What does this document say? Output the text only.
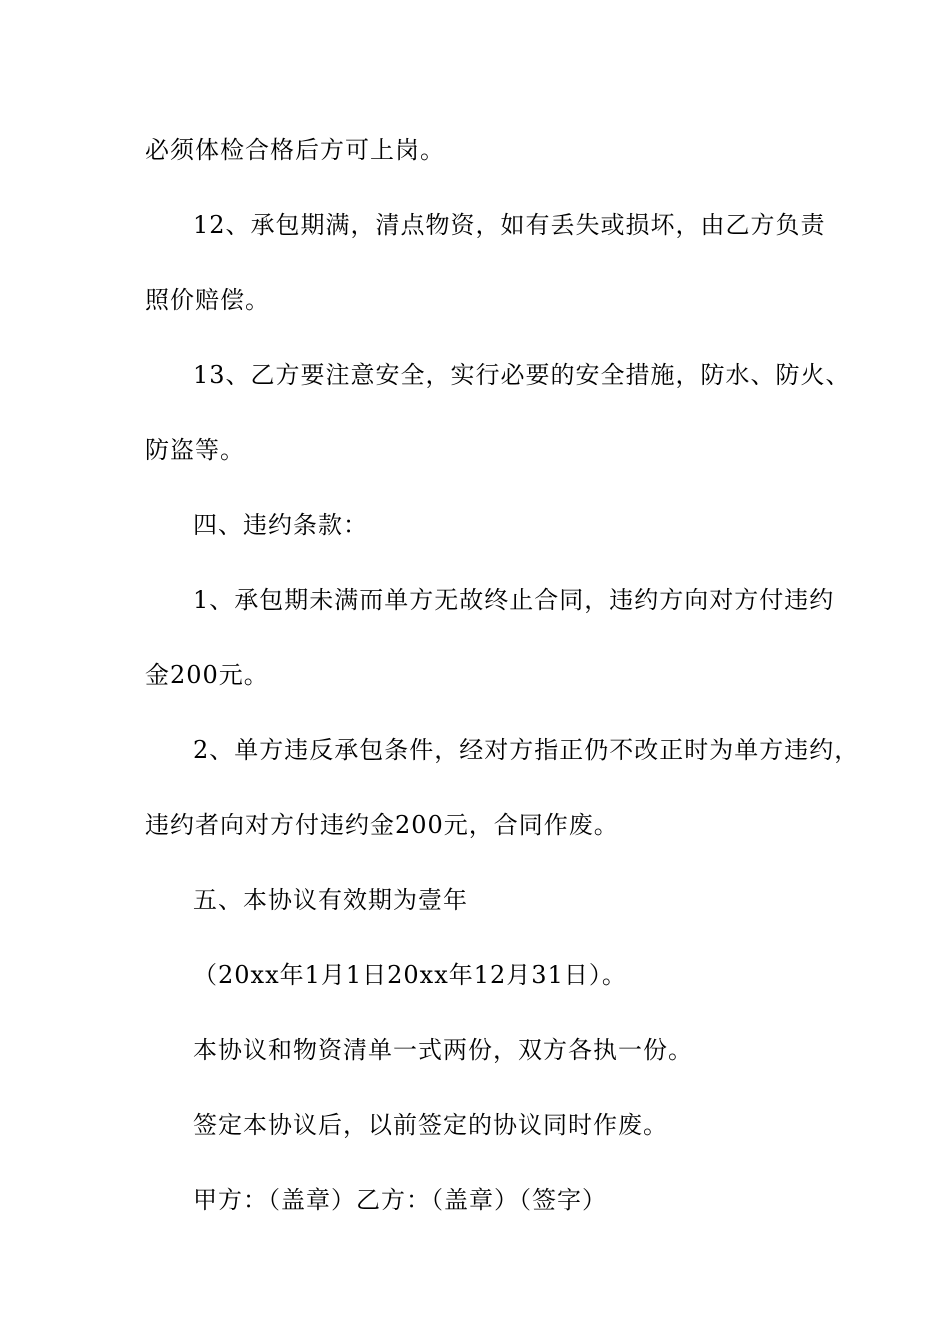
必须体检合格后方可上岗。
12、承包期满，清点物资，如有丢失或损坏，由乙方负责
照价赔偿。
13、乙方要注意安全，实行必要的安全措施，防水、防火、
防盗等。
四、违约条款：
1、承包期未满而单方无故终止合同，违约方向对方付违约
金200元。
2、单方违反承包条件，经对方指正仍不改正时为单方违约，
违约者向对方付违约金200元，合同作废。
五、本协议有效期为壹年
（20xx年1月1日20xx年12月31日）。
本协议和物资清单一式两份，双方各执一份。
签定本协议后，以前签定的协议同时作废。
甲方：（盖章）乙方：（盖章）（签字）
